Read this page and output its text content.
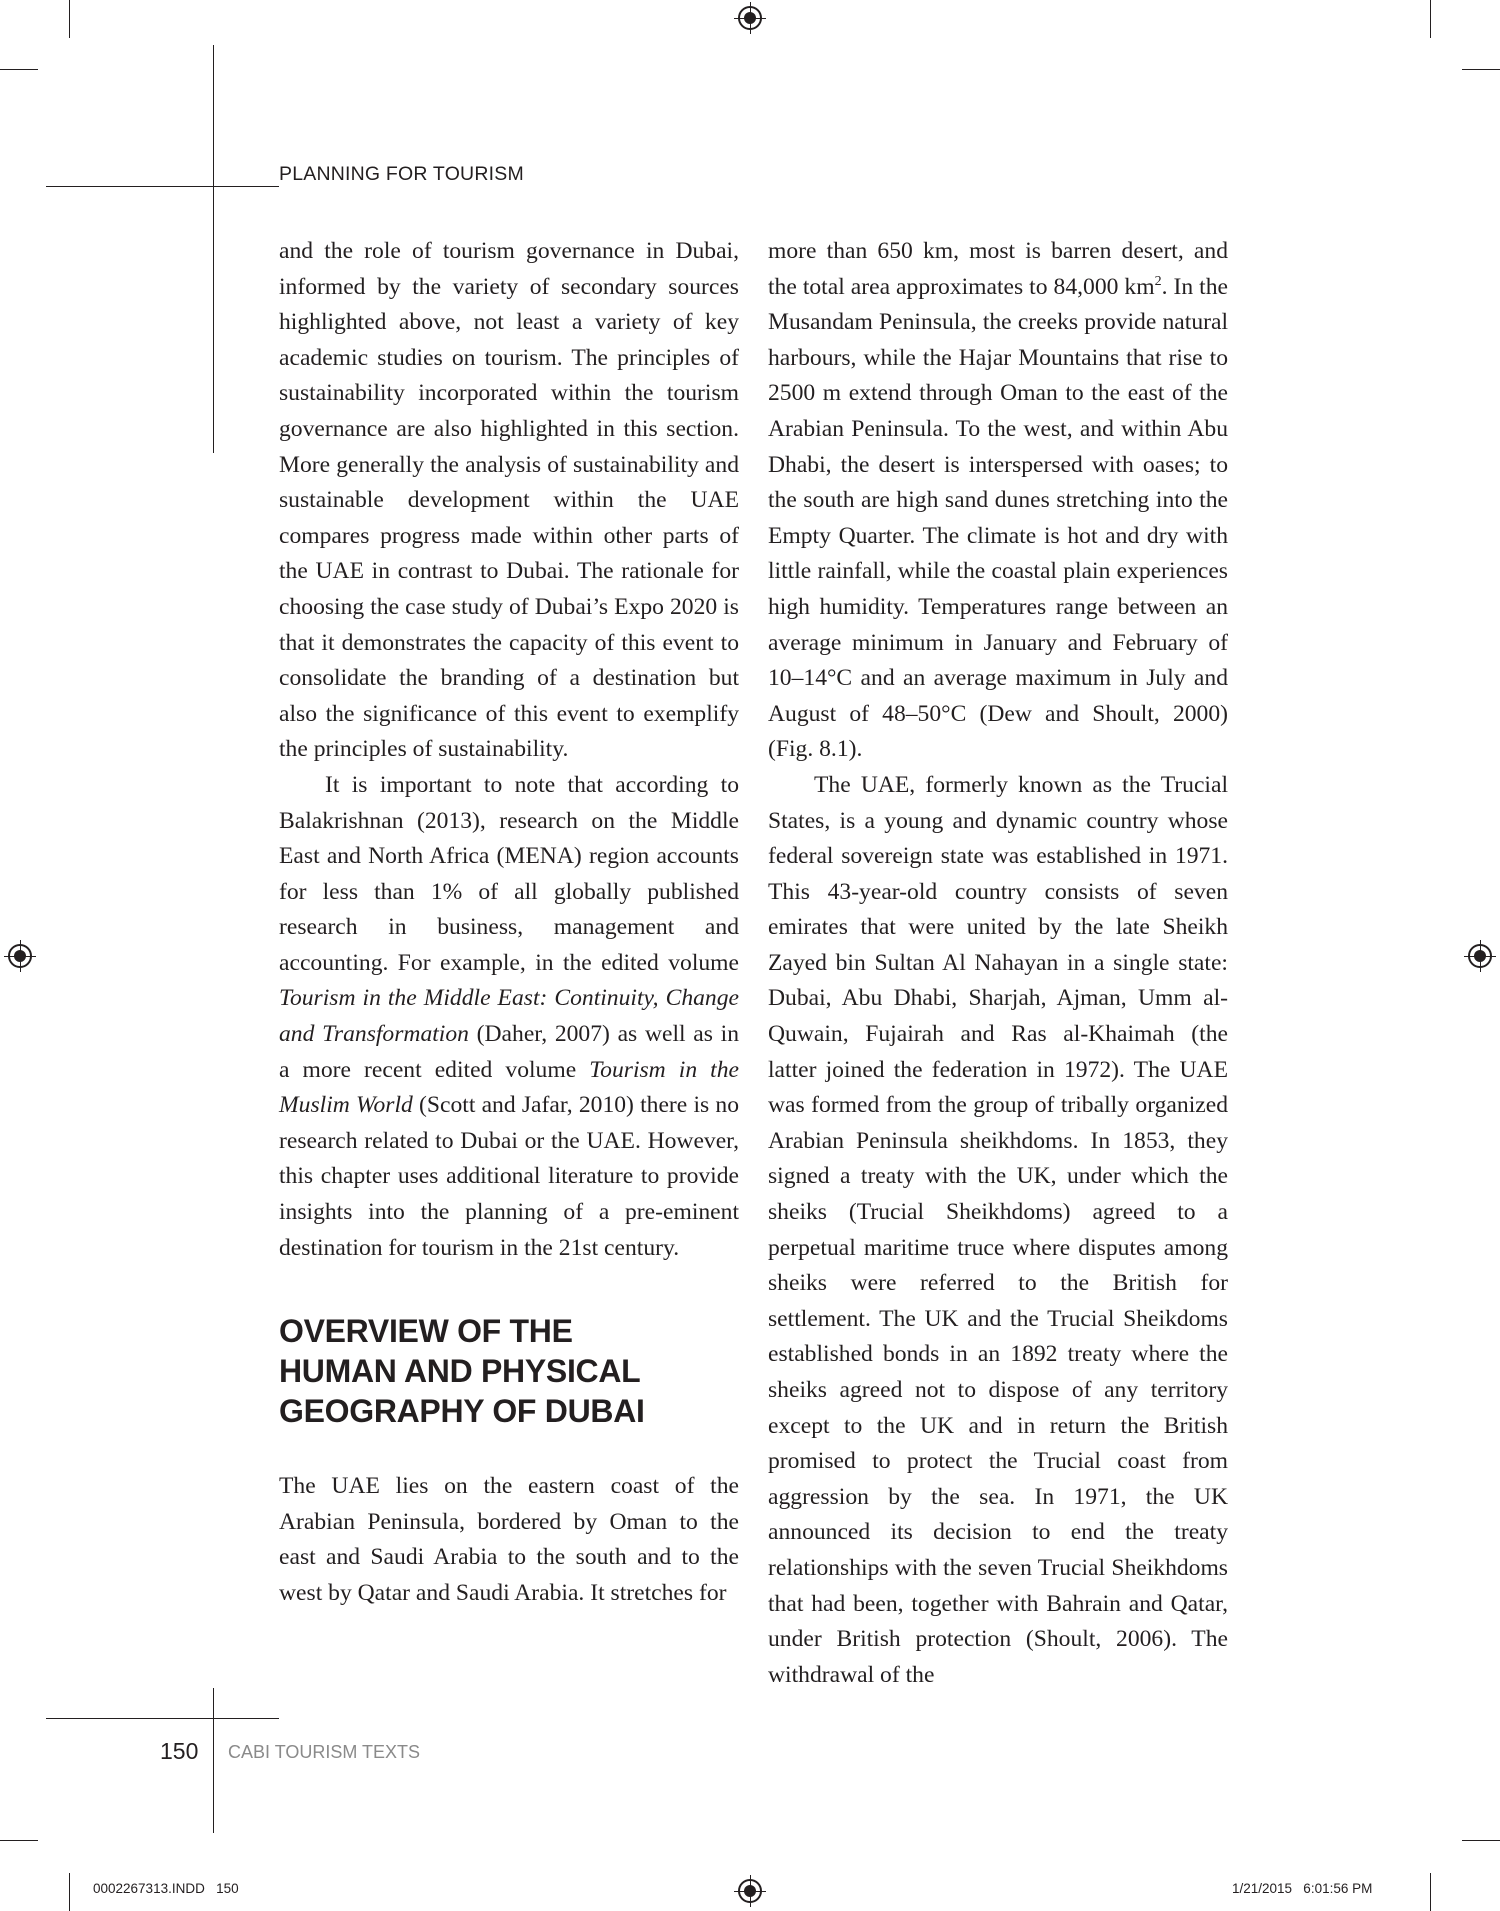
PLANNING FOR TOURISM

and the role of tourism governance in Dubai, informed by the variety of secondary sources highlighted above, not least a variety of key academic studies on tourism. The principles of sustainability incorporated within the tourism governance are also highlighted in this section. More generally the analysis of sustainability and sustainable development within the UAE compares progress made within other parts of the UAE in contrast to Dubai. The rationale for choosing the case study of Dubai’s Expo 2020 is that it demonstrates the capacity of this event to consolidate the branding of a destination but also the significance of this event to exemplify the principles of sustainability.

It is important to note that according to Balakrishnan (2013), research on the Middle East and North Africa (MENA) region accounts for less than 1% of all globally published research in business, management and accounting. For example, in the edited volume Tourism in the Middle East: Continuity, Change and Transformation (Daher, 2007) as well as in a more recent edited volume Tourism in the Muslim World (Scott and Jafar, 2010) there is no research related to Dubai or the UAE. However, this chapter uses additional literature to provide insights into the planning of a pre-eminent destination for tourism in the 21st century.

OVERVIEW OF THE
HUMAN AND PHYSICAL
GEOGRAPHY OF DUBAI

The UAE lies on the eastern coast of the Arabian Peninsula, bordered by Oman to the east and Saudi Arabia to the south and to the west by Qatar and Saudi Arabia. It stretches for

more than 650 km, most is barren desert, and the total area approximates to 84,000 $km^2$. In the Musandam Peninsula, the creeks provide natural harbours, while the Hajar Mountains that rise to 2500 m extend through Oman to the east of the Arabian Peninsula. To the west, and within Abu Dhabi, the desert is interspersed with oases; to the south are high sand dunes stretching into the Empty Quarter. The climate is hot and dry with little rainfall, while the coastal plain experiences high humidity. Temperatures range between an average minimum in January and February of 10–14°C and an average maximum in July and August of 48–50°C (Dew and Shoult, 2000) (Fig. 8.1).

The UAE, formerly known as the Trucial States, is a young and dynamic country whose federal sovereign state was established in 1971. This 43-year-old country consists of seven emirates that were united by the late Sheikh Zayed bin Sultan Al Nahayan in a single state: Dubai, Abu Dhabi, Sharjah, Ajman, Umm al-Quwain, Fujairah and Ras al-Khaimah (the latter joined the federation in 1972). The UAE was formed from the group of tribally organized Arabian Peninsula sheikhdoms. In 1853, they signed a treaty with the UK, under which the sheiks (Trucial Sheikhdoms) agreed to a perpetual maritime truce where disputes among sheiks were referred to the British for settlement. The UK and the Trucial Sheikdoms established bonds in an 1892 treaty where the sheiks agreed not to dispose of any territory except to the UK and in return the British promised to protect the Trucial coast from aggression by the sea. In 1971, the UK announced its decision to end the treaty relationships with the seven Trucial Sheikhdoms that had been, together with Bahrain and Qatar, under British protection (Shoult, 2006). The withdrawal of the

150 CABI TOURISM TEXTS
0002267313.INDD   150	1/21/2015   6:01:56 PM
